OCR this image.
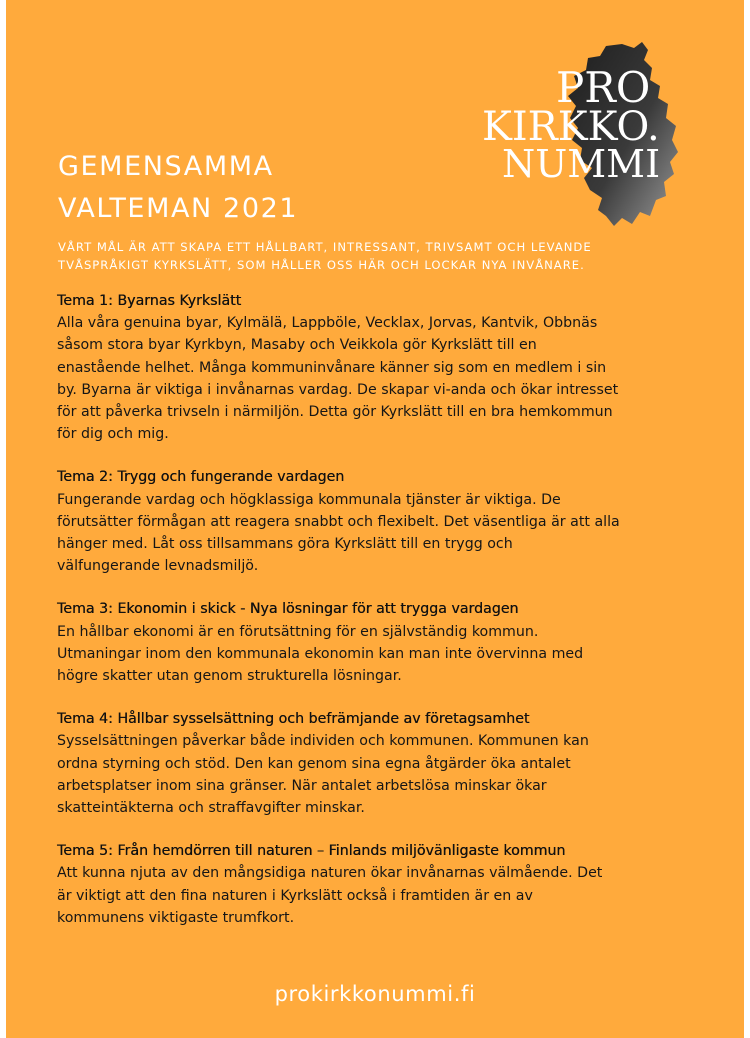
PRO
KIRKKO.
NUMMI
GEMENSAMMA
VALTEMAN 2021

VÅRT MÅL ÄR ATT SKAPA ETT HÅLLBART, INTRESSANT, TRIVSAMT OCH LEVANDE
TVÅSPRÅKIGT KYRKSLÄTT, SOM HÅLLER OSS HÄR OCH LOCKAR NYA INVÅNARE.

Tema 1: Byarnas Kyrkslätt
Alla våra genuina byar, Kylmälä, Lappböle, Vecklax, Jorvas, Kantvik, Obbnäs
såsom stora byar Kyrkbyn, Masaby och Veikkola gör Kyrkslätt till en
enastående helhet. Många kommuninvånare känner sig som en medlem i sin
by. Byarna är viktiga i invånarnas vardag. De skapar vi-anda och ökar intresset
för att påverka trivseln i närmiljön. Detta gör Kyrkslätt till en bra hemkommun
för dig och mig.
Tema 2: Trygg och fungerande vardagen
Fungerande vardag och högklassiga kommunala tjänster är viktiga. De
förutsätter förmågan att reagera snabbt och flexibelt. Det väsentliga är att alla
hänger med. Låt oss tillsammans göra Kyrkslätt till en trygg och
välfungerande levnadsmiljö.
Tema 3: Ekonomin i skick - Nya lösningar för att trygga vardagen
En hållbar ekonomi är en förutsättning för en självständig kommun.
Utmaningar inom den kommunala ekonomin kan man inte övervinna med
högre skatter utan genom strukturella lösningar.
Tema 4: Hållbar sysselsättning och befrämjande av företagsamhet
Sysselsättningen påverkar både individen och kommunen. Kommunen kan
ordna styrning och stöd. Den kan genom sina egna åtgärder öka antalet
arbetsplatser inom sina gränser. När antalet arbetslösa minskar ökar
skatteintäkterna och straffavgifter minskar.
Tema 5: Från hemdörren till naturen – Finlands miljövänligaste kommun
Att kunna njuta av den mångsidiga naturen ökar invånarnas välmående. Det
är viktigt att den fina naturen i Kyrkslätt också i framtiden är en av
kommunens viktigaste trumfkort.

prokirkkonummi.fi
